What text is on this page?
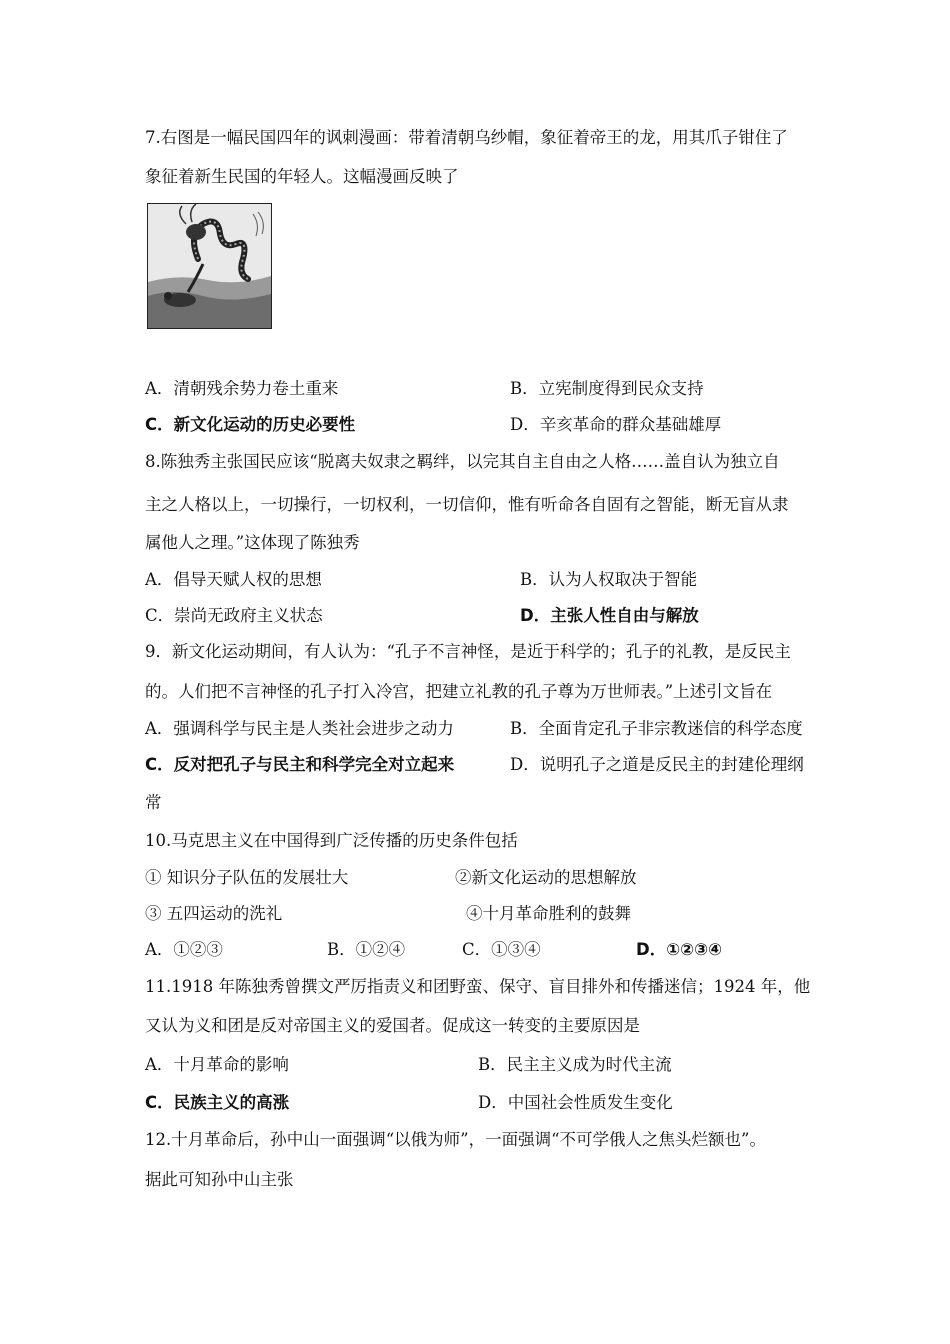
7.右图是一幅民国四年的讽刺漫画：带着清朝乌纱帽，象征着帝王的龙，用其爪子钳住了
象征着新生民国的年轻人。这幅漫画反映了
A．清朝残余势力卷土重来	B．立宪制度得到民众支持
C．新文化运动的历史必要性	D．辛亥革命的群众基础雄厚
8.陈独秀主张国民应该“脱离夫奴隶之羁绊，以完其自主自由之人格……盖自认为独立自
主之人格以上，一切操行，一切权利，一切信仰，惟有听命各自固有之智能，断无盲从隶
属他人之理。”这体现了陈独秀
A．倡导天赋人权的思想	B．认为人权取决于智能
C．崇尚无政府主义状态	D．主张人性自由与解放
9．新文化运动期间，有人认为：“孔子不言神怪，是近于科学的；孔子的礼教，是反民主
的。人们把不言神怪的孔子打入冷宫，把建立礼教的孔子尊为万世师表。”上述引文旨在
A．强调科学与民主是人类社会进步之动力	B．全面肯定孔子非宗教迷信的科学态度
C．反对把孔子与民主和科学完全对立起来	D．说明孔子之道是反民主的封建伦理纲
常
10.马克思主义在中国得到广泛传播的历史条件包括
① 知识分子队伍的发展壮大	②新文化运动的思想解放
③ 五四运动的洗礼	④十月革命胜利的鼓舞
A．①②③	B．①②④	C．①③④	D．①②③④
11.1918 年陈独秀曾撰文严厉指责义和团野蛮、保守、盲目排外和传播迷信；1924 年，他
又认为义和团是反对帝国主义的爱国者。促成这一转变的主要原因是
A．十月革命的影响	B．民主主义成为时代主流
C．民族主义的高涨	D．中国社会性质发生变化
12.十月革命后，孙中山一面强调“以俄为师”，一面强调“不可学俄人之焦头烂额也”。
据此可知孙中山主张
